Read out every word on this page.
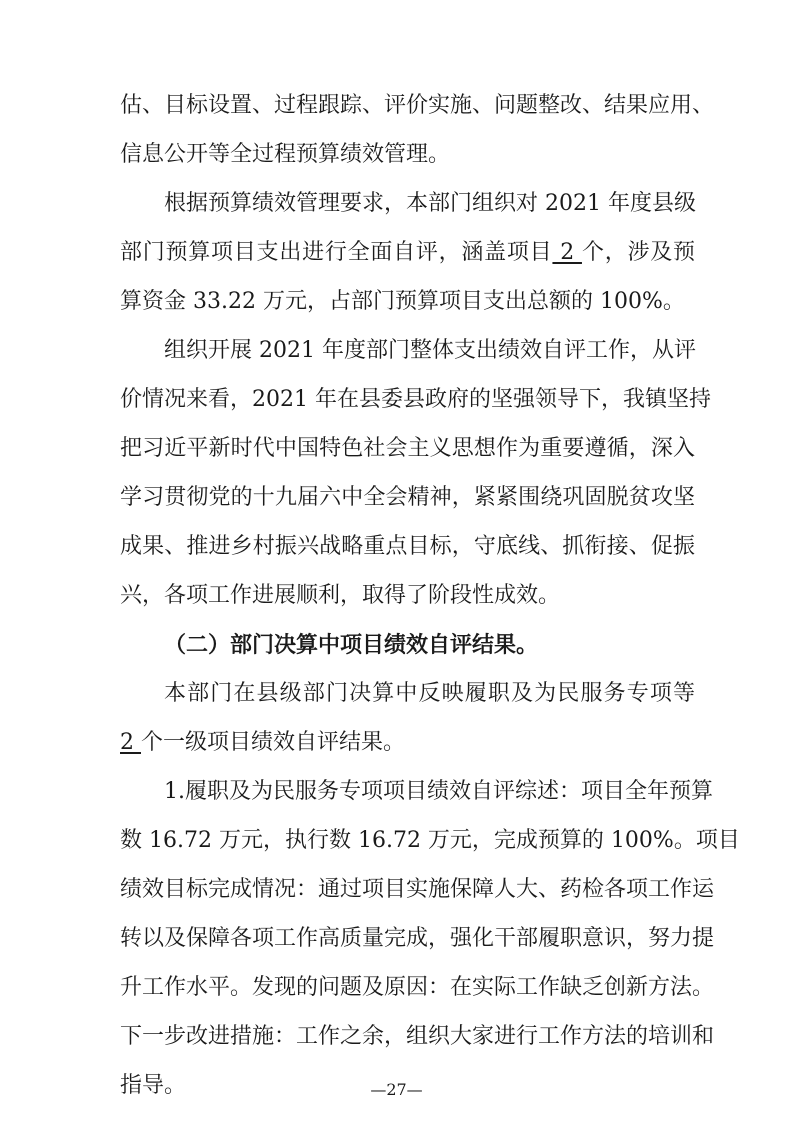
估、目标设置、过程跟踪、评价实施、问题整改、结果应用、
信息公开等全过程预算绩效管理。
根据预算绩效管理要求，本部门组织对 2021 年度县级
部门预算项目支出进行全面自评，涵盖项目 2 个，涉及预
算资金 33.22 万元，占部门预算项目支出总额的 100%。
组织开展 2021 年度部门整体支出绩效自评工作，从评
价情况来看，2021 年在县委县政府的坚强领导下，我镇坚持
把习近平新时代中国特色社会主义思想作为重要遵循，深入
学习贯彻党的十九届六中全会精神，紧紧围绕巩固脱贫攻坚
成果、推进乡村振兴战略重点目标，守底线、抓衔接、促振
兴，各项工作进展顺利，取得了阶段性成效。
（二）部门决算中项目绩效自评结果。
本部门在县级部门决算中反映履职及为民服务专项等
2 个一级项目绩效自评结果。
1.履职及为民服务专项项目绩效自评综述：项目全年预算
数 16.72 万元，执行数 16.72 万元，完成预算的 100%。项目
绩效目标完成情况：通过项目实施保障人大、药检各项工作运
转以及保障各项工作高质量完成，强化干部履职意识，努力提
升工作水平。发现的问题及原因：在实际工作缺乏创新方法。
下一步改进措施：工作之余，组织大家进行工作方法的培训和
指导。	—27—
